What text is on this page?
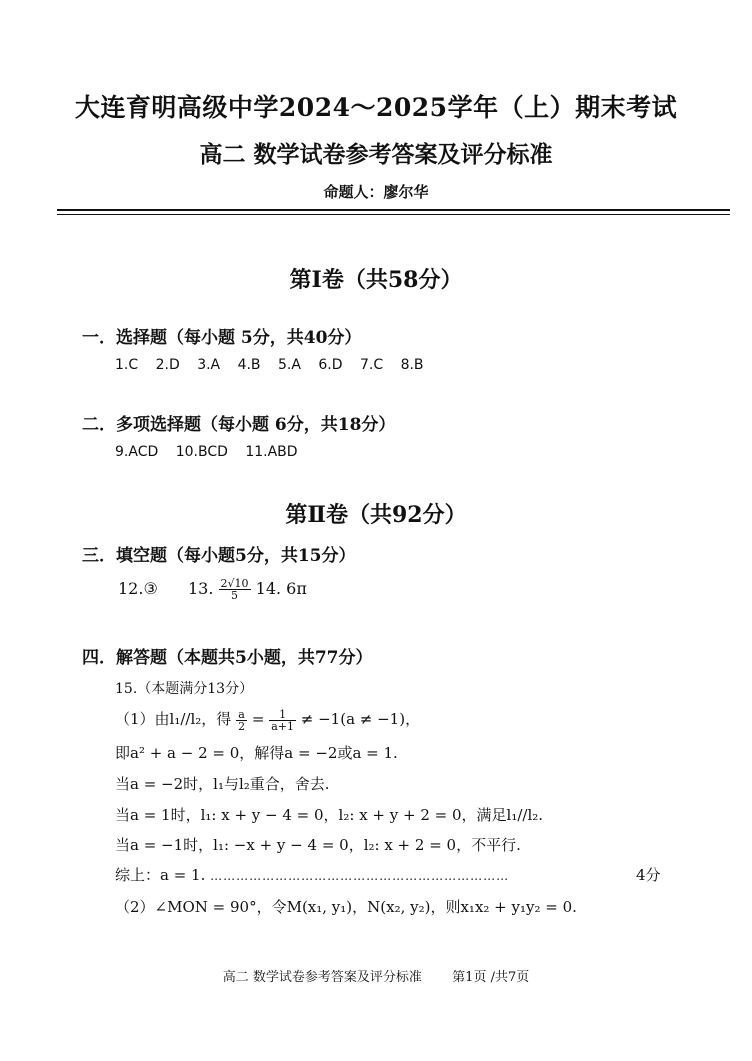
大连育明高级中学2024～2025学年（上）期末考试
高二 数学试卷参考答案及评分标准
命题人：廖尔华
第Ⅰ卷（共58分）
一．选择题（每小题 5分，共40分）
1.C 2.D 3.A 4.B 5.A 6.D 7.C 8.B
二．多项选择题（每小题 6分，共18分）
9.ACD 10.BCD 11.ABD
第Ⅱ卷（共92分）
三．填空题（每小题5分，共15分）
12.③ 13. $\frac{2√10}{5} 14$. 6π
四．解答题（本题共5小题，共77分）
15.（本题满分13分）
（1）由l₁//l₂，得 $\frac{a}{2} = \frac{1}{a+1} \ne -1(a \ne -1)$，
即a² + a − 2 = 0，解得a = −2或a = 1.
当a = −2时，l₁与l₂重合，舍去.
当a = 1时，l₁: x + y − 4 = 0，l₂: x + y + 2 = 0，满足l₁//l₂.
当a = −1时，l₁: −x + y − 4 = 0，l₂: x + 2 = 0，不平行.
综上：a = 1. ……………………………………………………………	4分
（2）∠MON = 90°，令M(x₁, y₁)，N(x₂, y₂)，则x₁x₂ + y₁y₂ = 0.
高二 数学试卷参考答案及评分标准 第1页 /共7页
